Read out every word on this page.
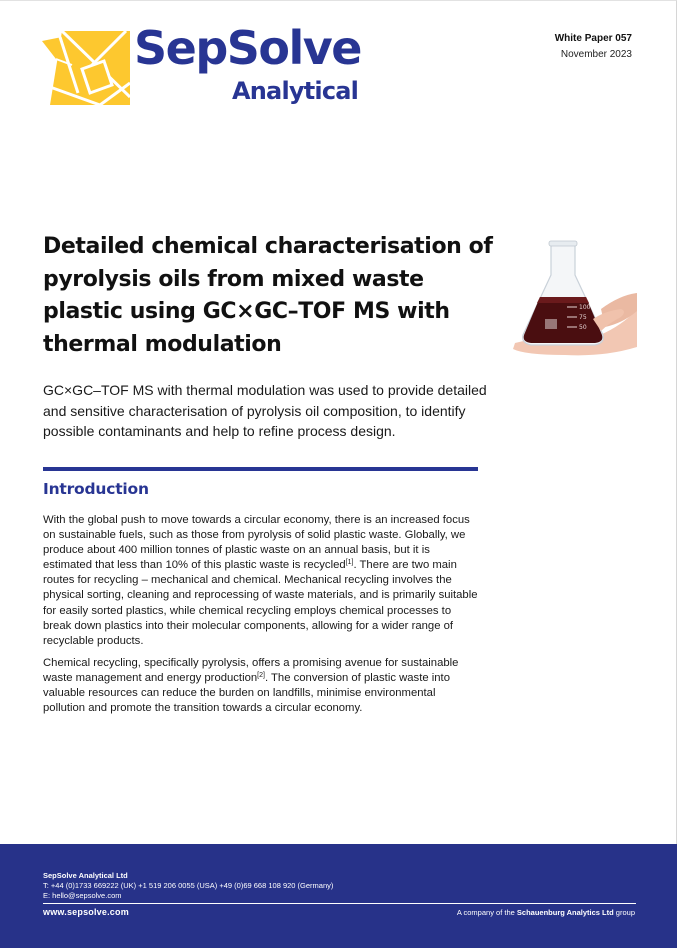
SepSolve
Analytical
White Paper 057
November 2023
Detailed chemical characterisation of pyrolysis oils from mixed waste plastic using GC×GC–TOF MS with thermal modulation
100
75
50

GC×GC–TOF MS with thermal modulation was used to provide detailed and sensitive characterisation of pyrolysis oil composition, to identify possible contaminants and help to refine process design.

Introduction

With the global push to move towards a circular economy, there is an increased focus on sustainable fuels, such as those from pyrolysis of solid plastic waste. Globally, we produce about 400 million tonnes of plastic waste on an annual basis, but it is estimated that less than 10% of this plastic waste is recycled[1]. There are two main routes for recycling – mechanical and chemical. Mechanical recycling involves the physical sorting, cleaning and reprocessing of waste materials, and is primarily suitable for easily sorted plastics, while chemical recycling employs chemical processes to break down plastics into their molecular components, allowing for a wider range of recyclable products.

Chemical recycling, specifically pyrolysis, offers a promising avenue for sustainable waste management and energy production[2]. The conversion of plastic waste into valuable resources can reduce the burden on landfills, minimise environmental pollution and promote the transition towards a circular economy.

SepSolve Analytical Ltd
T: +44 (0)1733 669222 (UK) +1 519 206 0055 (USA) +49 (0)69 668 108 920 (Germany)
E: hello@sepsolve.com
www.sepsolve.com	A company of the Schauenburg Analytics Ltd group
